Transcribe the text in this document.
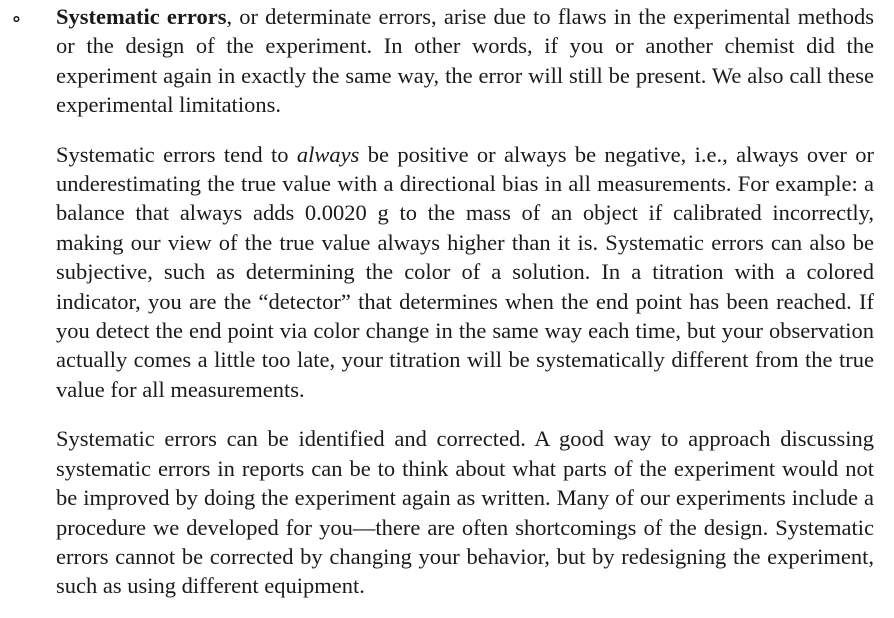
∘ Systematic errors, or determinate errors, arise due to flaws in the experimental methods or the design of the experiment. In other words, if you or another chemist did the experiment again in exactly the same way, the error will still be present. We also call these experimental limitations.

Systematic errors tend to always be positive or always be negative, i.e., always over or underestimating the true value with a directional bias in all measurements. For example: a balance that always adds 0.0020 g to the mass of an object if calibrated incorrectly, making our view of the true value always higher than it is. Systematic errors can also be subjective, such as determining the color of a solution. In a titration with a colored indicator, you are the “detector” that determines when the end point has been reached. If you detect the end point via color change in the same way each time, but your observation actually comes a little too late, your titration will be systematically different from the true value for all measurements.

Systematic errors can be identified and corrected. A good way to approach discussing systematic errors in reports can be to think about what parts of the experiment would not be improved by doing the experiment again as written. Many of our experiments include a procedure we developed for you—there are often shortcomings of the design. Systematic errors cannot be corrected by changing your behavior, but by redesigning the experiment, such as using different equipment.
